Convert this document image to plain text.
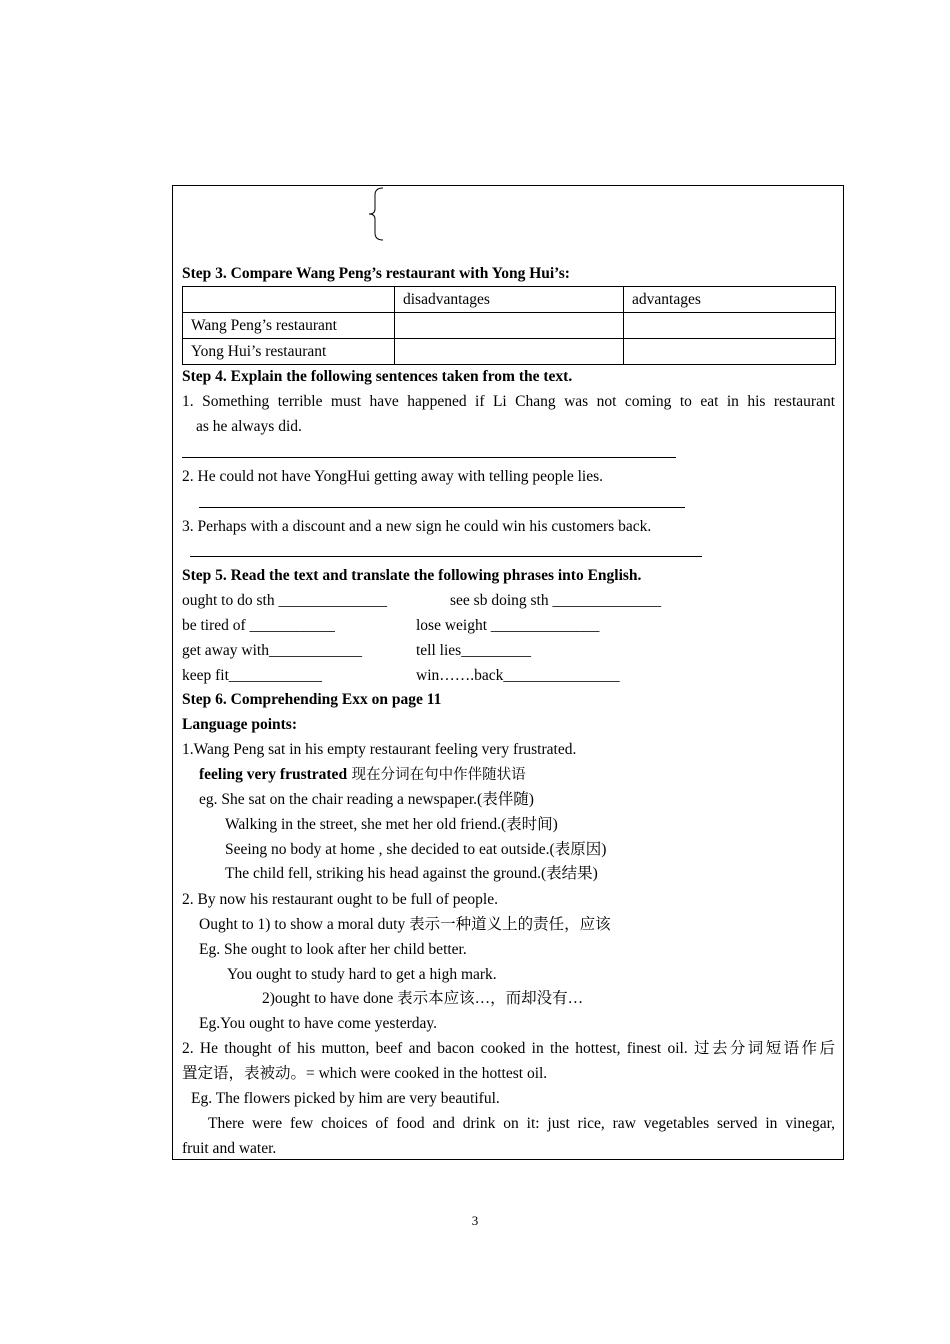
Step 3. Compare Wang Peng’s restaurant with Yong Hui’s:
	disadvantages	advantages
Wang Peng’s restaurant		
Yong Hui’s restaurant		
Step 4. Explain the following sentences taken from the text.
1. Something terrible must have happened if Li Chang was not coming to eat in his restaurant
as he always did.
2. He could not have YongHui getting away with telling people lies.
3. Perhaps with a discount and a new sign he could win his customers back.
Step 5. Read the text and translate the following phrases into English.
ought to do sth ______________	see sb doing sth ______________
be tired of ___________	lose weight ______________
get away with____________	tell lies_________
keep fit____________	win…….back_______________
Step 6. Comprehending Exx on page 11
Language points:
1.Wang Peng sat in his empty restaurant feeling very frustrated.
feeling very frustrated 现在分词在句中作伴随状语
eg. She sat on the chair reading a newspaper.(表伴随)
Walking in the street, she met her old friend.(表时间)
Seeing no body at home , she decided to eat outside.(表原因)
The child fell, striking his head against the ground.(表结果)
2. By now his restaurant ought to be full of people.
Ought to 1) to show a moral duty 表示一种道义上的责任，应该
Eg. She ought to look after her child better.
You ought to study hard to get a high mark.
2)ought to have done 表示本应该…，而却没有…
Eg.You ought to have come yesterday.
2. He thought of his mutton, beef and bacon cooked in the hottest, finest oil. 过去分词短语作后
置定语，表被动。= which were cooked in the hottest oil.
Eg. The flowers picked by him are very beautiful.
There were few choices of food and drink on it: just rice, raw vegetables served in vinegar,
fruit and water.
3
